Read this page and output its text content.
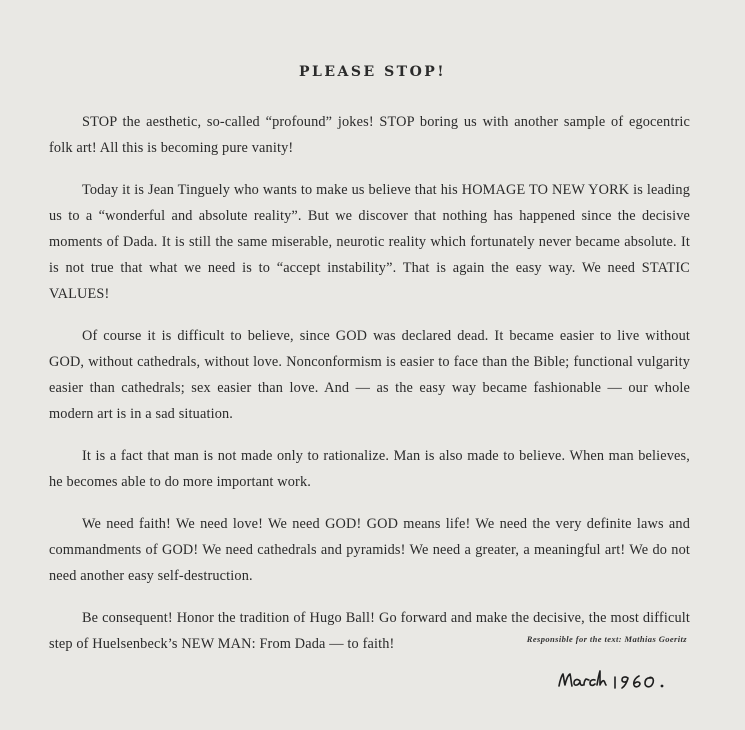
PLEASE STOP!

STOP the aesthetic, so-called “profound” jokes! STOP boring us with another sample of egocentric folk art! All this is becoming pure vanity!

Today it is Jean Tinguely who wants to make us believe that his HOMAGE TO NEW YORK is leading us to a “wonderful and absolute reality”. But we discover that nothing has happened since the decisive moments of Dada. It is still the same miserable, neurotic reality which fortunately never became absolute. It is not true that what we need is to “accept instability”. That is again the easy way. We need STATIC VALUES!

Of course it is difficult to believe, since GOD was declared dead. It became easier to live without GOD, without cathedrals, without love. Nonconformism is easier to face than the Bible; functional vulgarity easier than cathedrals; sex easier than love. And — as the easy way became fashionable — our whole modern art is in a sad situation.

It is a fact that man is not made only to rationalize. Man is also made to believe. When man believes, he becomes able to do more important work.

We need faith! We need love! We need GOD! GOD means life! We need the very definite laws and commandments of GOD! We need cathedrals and pyramids! We need a greater, a meaningful art! We do not need another easy self-destruction.

Be consequent! Honor the tradition of Hugo Ball! Go forward and make the decisive, the most difficult step of Huelsenbeck’s NEW MAN: From Dada — to faith!	Responsible for the text: Mathias Goeritz
